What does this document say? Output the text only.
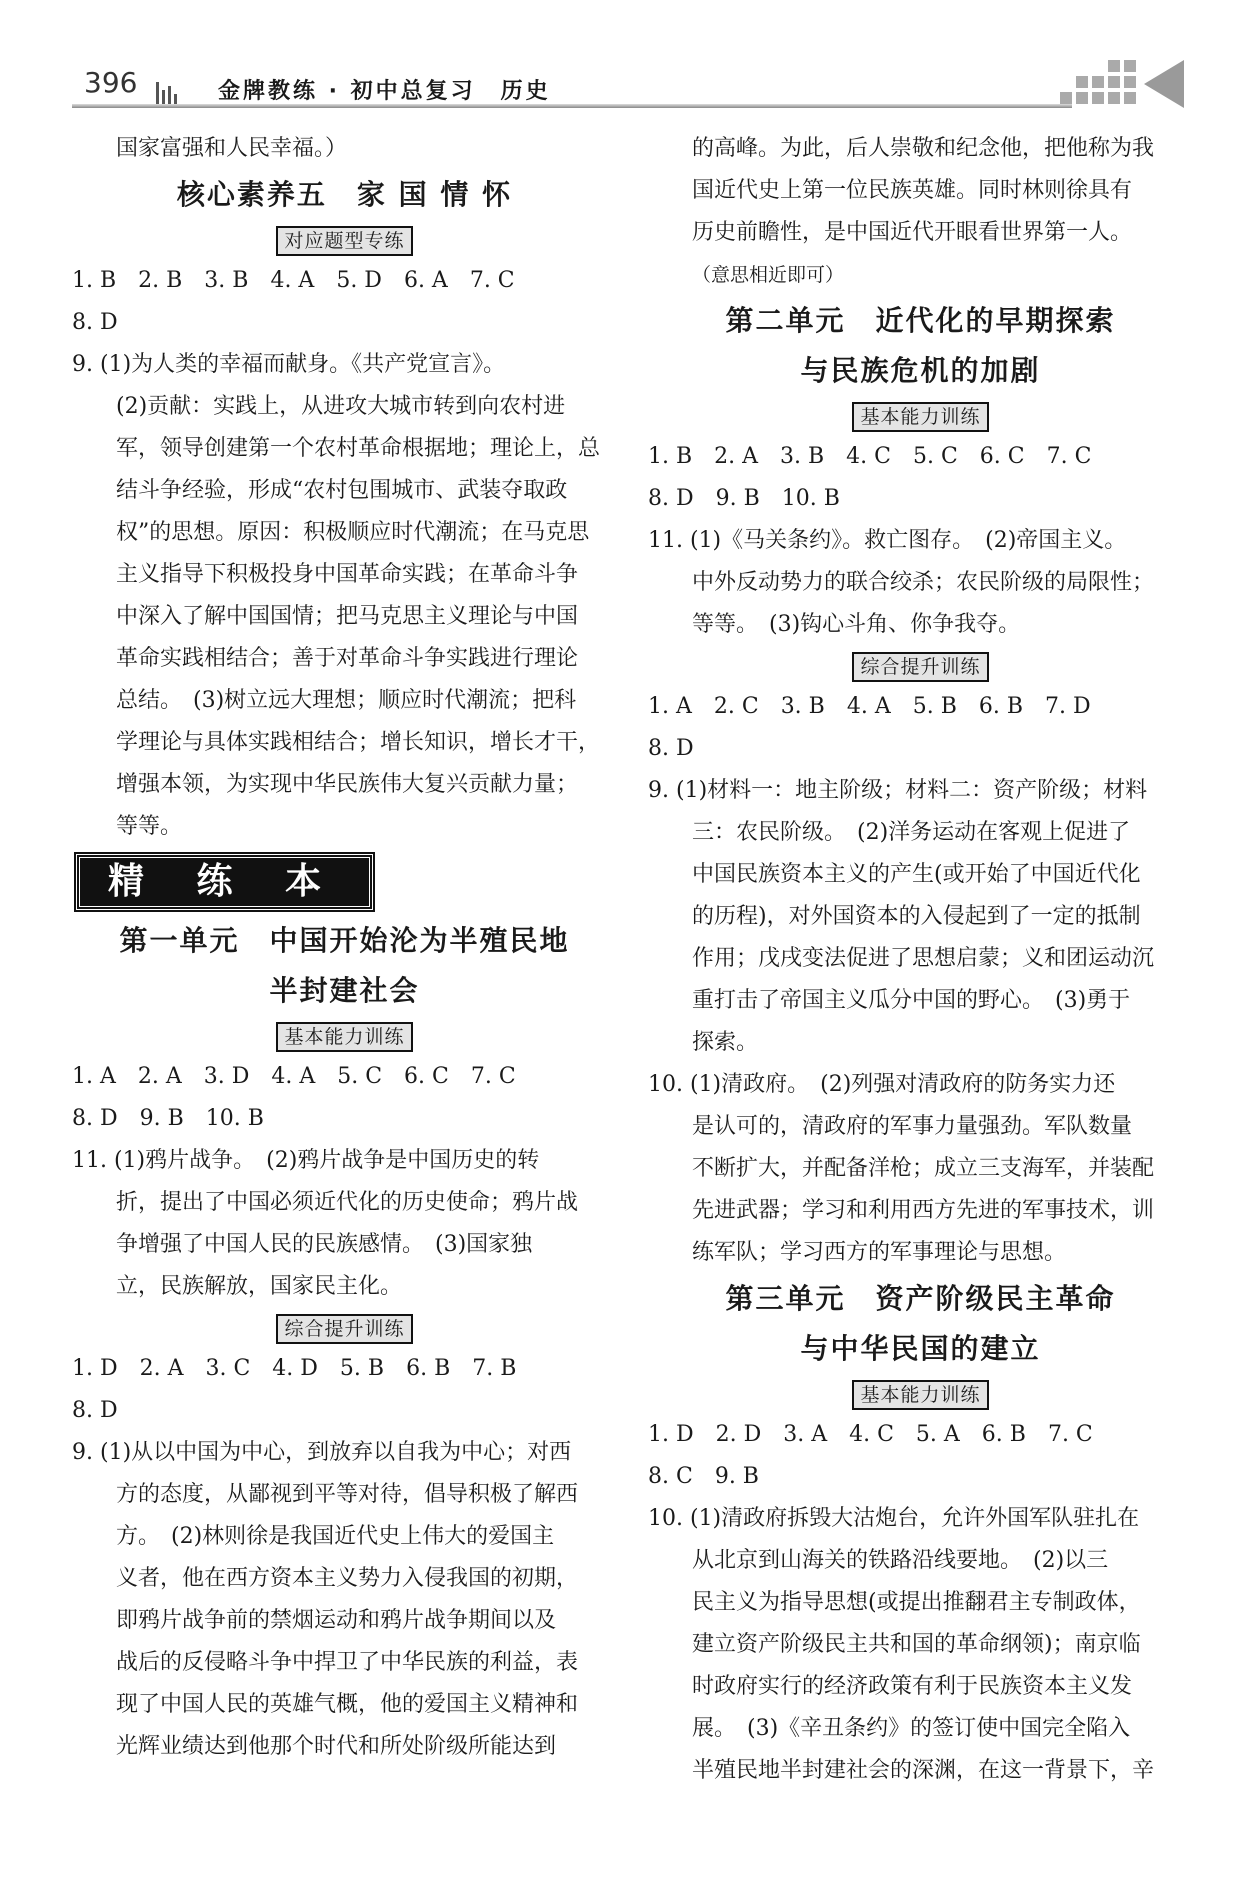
396	金牌教练 · 初中总复习　历史
国家富强和人民幸福。）
核心素养五　家 国 情 怀
对应题型专练
1. B　2. B　3. B　4. A　5. D　6. A　7. C
8. D
9. (1)为人类的幸福而献身。《共产党宣言》。
(2)贡献：实践上，从进攻大城市转到向农村进
军，领导创建第一个农村革命根据地；理论上，总
结斗争经验，形成“农村包围城市、武装夺取政
权”的思想。原因：积极顺应时代潮流；在马克思
主义指导下积极投身中国革命实践；在革命斗争
中深入了解中国国情；把马克思主义理论与中国
革命实践相结合；善于对革命斗争实践进行理论
总结。　(3)树立远大理想；顺应时代潮流；把科
学理论与具体实践相结合；增长知识，增长才干，
增强本领，为实现中华民族伟大复兴贡献力量；
等等。
精 练 本
第一单元　中国开始沦为半殖民地
半封建社会
基本能力训练
1. A　2. A　3. D　4. A　5. C　6. C　7. C
8. D　9. B　10. B
11. (1)鸦片战争。　(2)鸦片战争是中国历史的转
折，提出了中国必须近代化的历史使命；鸦片战
争增强了中国人民的民族感情。　(3)国家独
立，民族解放，国家民主化。
综合提升训练
1. D　2. A　3. C　4. D　5. B　6. B　7. B
8. D
9. (1)从以中国为中心，到放弃以自我为中心；对西
方的态度，从鄙视到平等对待，倡导积极了解西
方。　(2)林则徐是我国近代史上伟大的爱国主
义者，他在西方资本主义势力入侵我国的初期，
即鸦片战争前的禁烟运动和鸦片战争期间以及
战后的反侵略斗争中捍卫了中华民族的利益，表
现了中国人民的英雄气概，他的爱国主义精神和
光辉业绩达到他那个时代和所处阶级所能达到
的高峰。为此，后人崇敬和纪念他，把他称为我
国近代史上第一位民族英雄。同时林则徐具有
历史前瞻性，是中国近代开眼看世界第一人。
（意思相近即可）
第二单元　近代化的早期探索
与民族危机的加剧
基本能力训练
1. B　2. A　3. B　4. C　5. C　6. C　7. C
8. D　9. B　10. B
11. (1)《马关条约》。救亡图存。　(2)帝国主义。
中外反动势力的联合绞杀；农民阶级的局限性；
等等。　(3)钩心斗角、你争我夺。
综合提升训练
1. A　2. C　3. B　4. A　5. B　6. B　7. D
8. D
9. (1)材料一：地主阶级；材料二：资产阶级；材料
三：农民阶级。　(2)洋务运动在客观上促进了
中国民族资本主义的产生(或开始了中国近代化
的历程)，对外国资本的入侵起到了一定的抵制
作用；戊戌变法促进了思想启蒙；义和团运动沉
重打击了帝国主义瓜分中国的野心。　(3)勇于
探索。
10. (1)清政府。　(2)列强对清政府的防务实力还
是认可的，清政府的军事力量强劲。军队数量
不断扩大，并配备洋枪；成立三支海军，并装配
先进武器；学习和利用西方先进的军事技术，训
练军队；学习西方的军事理论与思想。
第三单元　资产阶级民主革命
与中华民国的建立
基本能力训练
1. D　2. D　3. A　4. C　5. A　6. B　7. C
8. C　9. B
10. (1)清政府拆毁大沽炮台，允许外国军队驻扎在
从北京到山海关的铁路沿线要地。　(2)以三
民主义为指导思想(或提出推翻君主专制政体，
建立资产阶级民主共和国的革命纲领)；南京临
时政府实行的经济政策有利于民族资本主义发
展。　(3)《辛丑条约》的签订使中国完全陷入
半殖民地半封建社会的深渊，在这一背景下，辛
